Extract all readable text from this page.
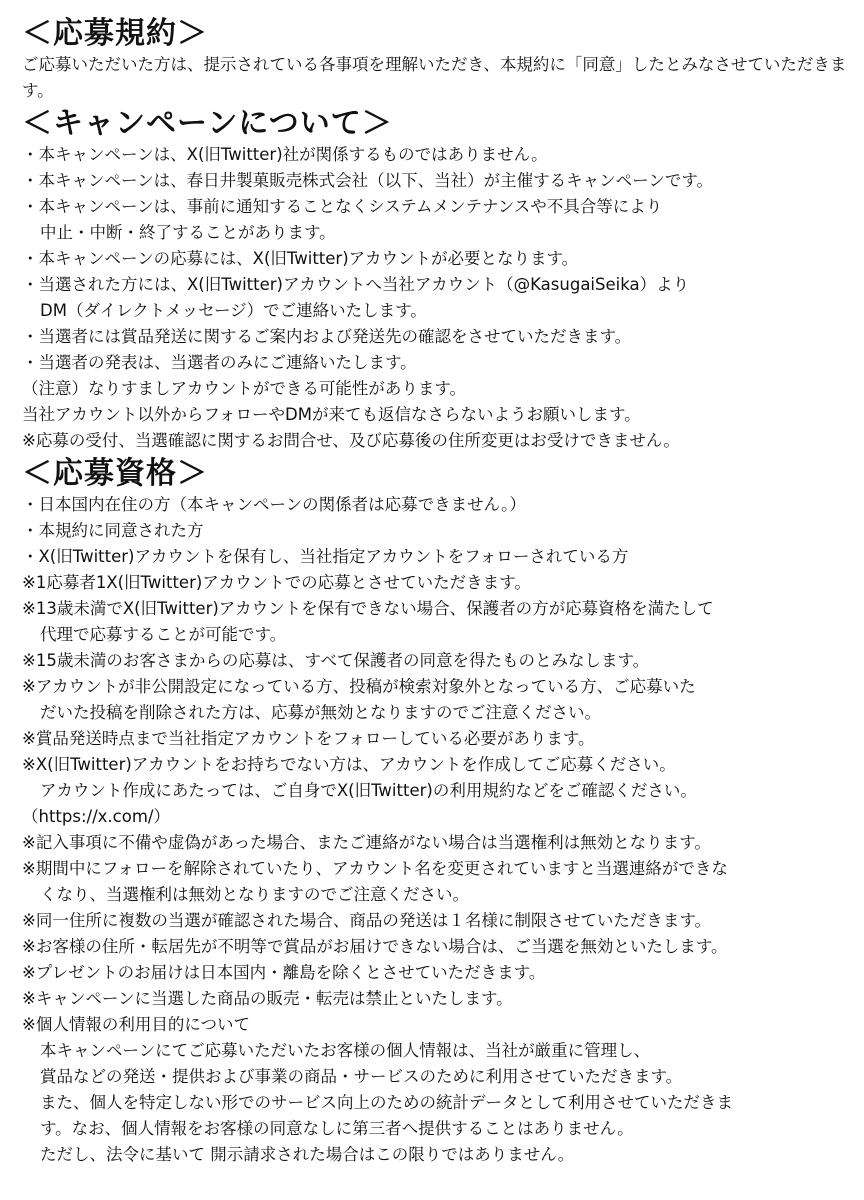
＜応募規約＞
ご応募いただいた方は、提示されている各事項を理解いただき、本規約に「同意」したとみなさせていただきます。
＜キャンペーンについて＞
・本キャンペーンは、X(旧Twitter)社が関係するものではありません。
・本キャンペーンは、春日井製菓販売株式会社（以下、当社）が主催するキャンペーンです。
・本キャンペーンは、事前に通知することなくシステムメンテナンスや不具合等により
中止・中断・終了することがあります。
・本キャンペーンの応募には、X(旧Twitter)アカウントが必要となります。
・当選された方には、X(旧Twitter)アカウントへ当社アカウント（@KasugaiSeika）より
DM（ダイレクトメッセージ）でご連絡いたします。
・当選者には賞品発送に関するご案内および発送先の確認をさせていただきます。
・当選者の発表は、当選者のみにご連絡いたします。
（注意）なりすましアカウントができる可能性があります。
当社アカウント以外からフォローやDMが来ても返信なさらないようお願いします。
※応募の受付、当選確認に関するお問合せ、及び応募後の住所変更はお受けできません。
＜応募資格＞
・日本国内在住の方（本キャンペーンの関係者は応募できません。）
・本規約に同意された方
・X(旧Twitter)アカウントを保有し、当社指定アカウントをフォローされている方
※1応募者1X(旧Twitter)アカウントでの応募とさせていただきます。
※13歳未満でX(旧Twitter)アカウントを保有できない場合、保護者の方が応募資格を満たして
代理で応募することが可能です。
※15歳未満のお客さまからの応募は、すべて保護者の同意を得たものとみなします。
※アカウントが非公開設定になっている方、投稿が検索対象外となっている方、ご応募いた
だいた投稿を削除された方は、応募が無効となりますのでご注意ください。
※賞品発送時点まで当社指定アカウントをフォローしている必要があります。
※X(旧Twitter)アカウントをお持ちでない方は、アカウントを作成してご応募ください。
アカウント作成にあたっては、ご自身でX(旧Twitter)の利用規約などをご確認ください。
（https://x.com/）
※記入事項に不備や虚偽があった場合、またご連絡がない場合は当選権利は無効となります。
※期間中にフォローを解除されていたり、アカウント名を変更されていますと当選連絡ができな
くなり、当選権利は無効となりますのでご注意ください。
※同一住所に複数の当選が確認された場合、商品の発送は１名様に制限させていただきます。
※お客様の住所・転居先が不明等で賞品がお届けできない場合は、ご当選を無効といたします。
※プレゼントのお届けは日本国内・離島を除くとさせていただきます。
※キャンペーンに当選した商品の販売・転売は禁止といたします。
※個人情報の利用目的について
本キャンペーンにてご応募いただいたお客様の個人情報は、当社が厳重に管理し、
賞品などの発送・提供および事業の商品・サービスのために利用させていただきます。
また、個人を特定しない形でのサービス向上のための統計データとして利用させていただきま
す。なお、個人情報をお客様の同意なしに第三者へ提供することはありません。
ただし、法令に基いて 開示請求された場合はこの限りではありません。
